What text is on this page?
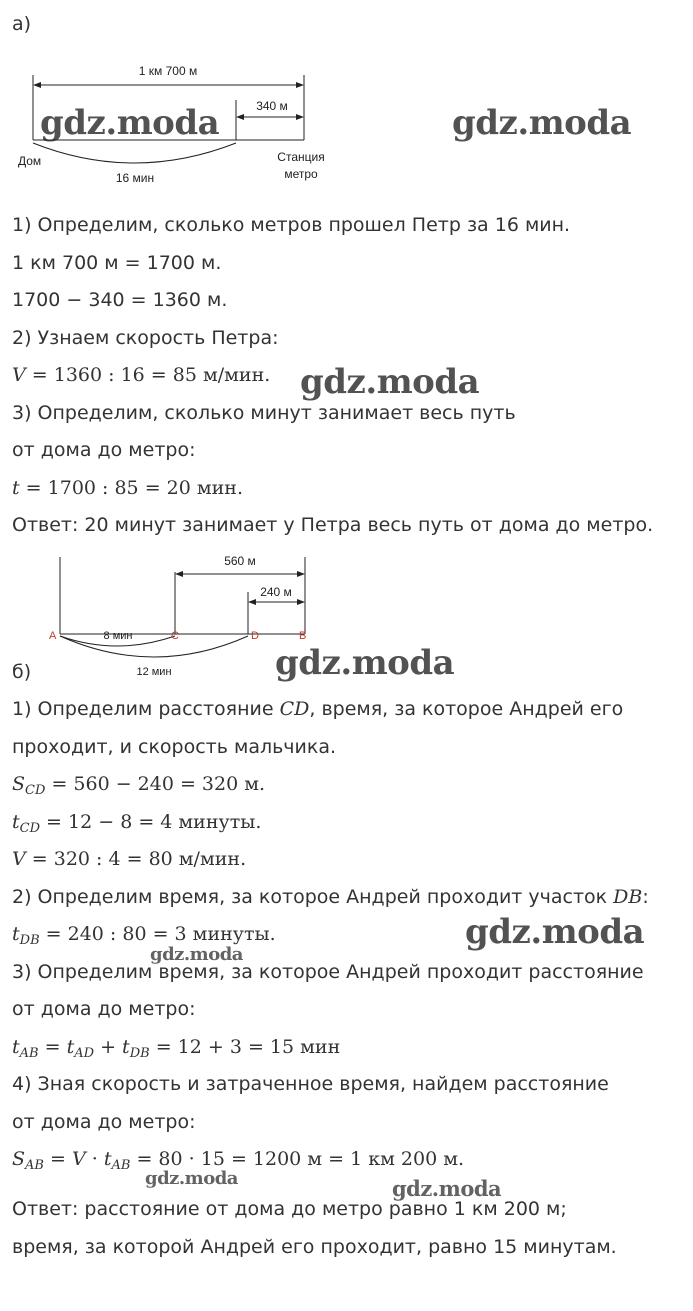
а)
1 км 700 м
340 м
Дом
16 мин
Станция
метро
1) Определим, сколько метров прошел Петр за 16 мин.
1 км 700 м = 1700 м.
1700 − 340 = 1360 м.
2) Узнаем скорость Петра:
V = 1360 : 16 = 85 м/мин.
3) Определим, сколько минут занимает весь путь
от дома до метро:
t = 1700 : 85 = 20 мин.
Ответ: 20 минут занимает у Петра весь путь от дома до метро.
560 м
240 м
8 мин
12 мин
A	C	D	B
б)
1) Определим расстояние CD, время, за которое Андрей его
проходит, и скорость мальчика.
$S_{CD} = 560 - 240 = 320$ м.
$t_{CD} = 12 - 8 = 4$ минуты.
V = 320 : 4 = 80 м/мин.
2) Определим время, за которое Андрей проходит участок DB:
$t_{DB} = 240$ : 80 = 3 минуты.
3) Определим время, за которое Андрей проходит расстояние
от дома до метро:
$t_{AB} = t_{AD} + t_{DB} = 12 + 3 = 15$ мин
4) Зная скорость и затраченное время, найдем расстояние
от дома до метро:
$S_{AB} = V \cdot t_{AB} = 80 \cdot 15 = 1200$ м = 1 км 200 м.
Ответ: расстояние от дома до метро равно 1 км 200 м;
время, за которой Андрей его проходит, равно 15 минутам.
gdz.moda	gdz.moda
gdz.moda
gdz.moda
gdz.moda
gdz.moda
gdz.moda	gdz.moda
